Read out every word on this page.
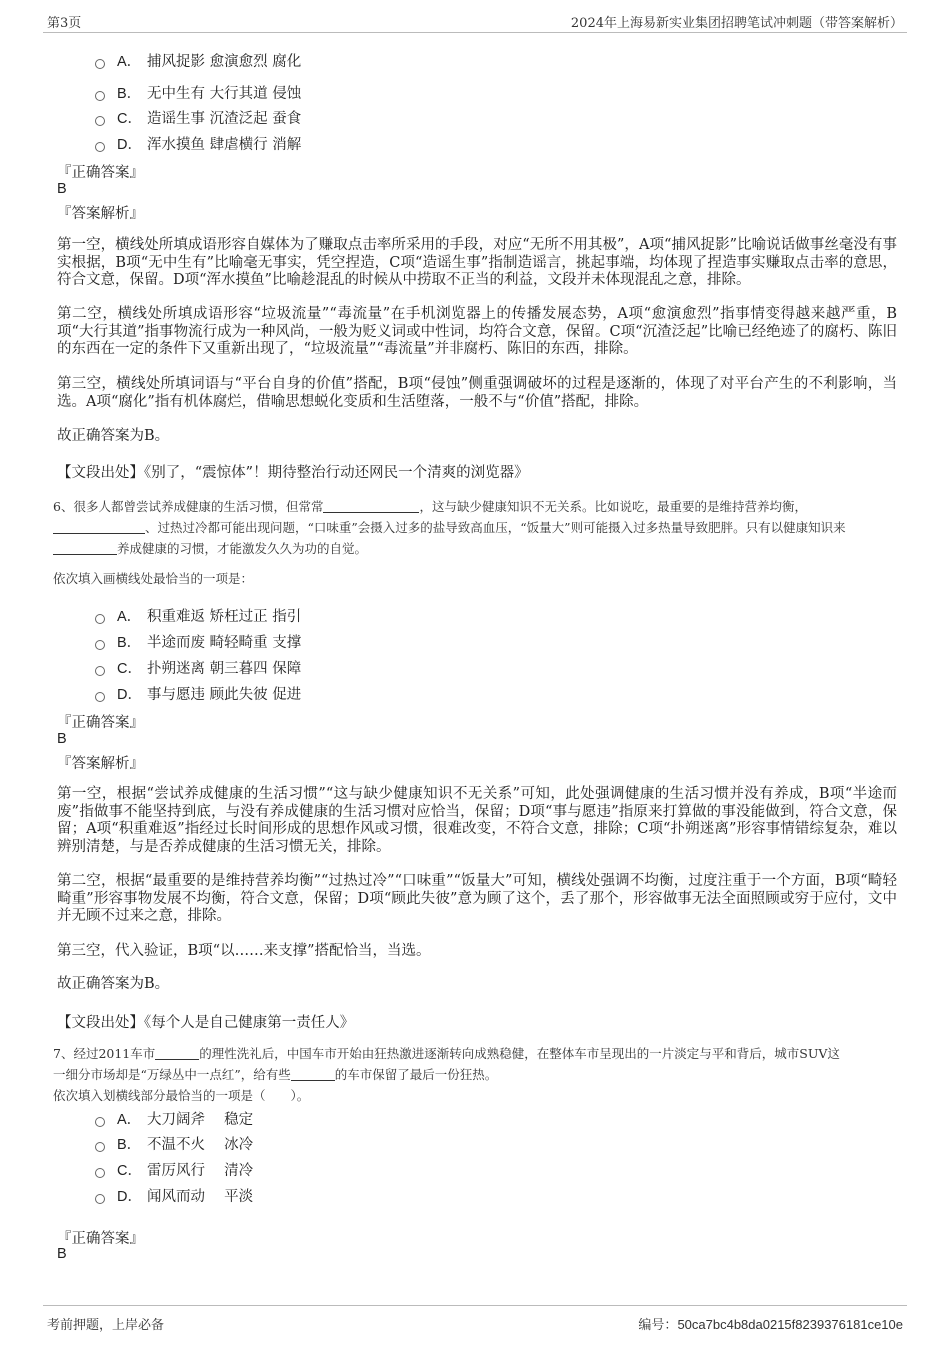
第3页	2024年上海易新实业集团招聘笔试冲刺题（带答案解析）
A． 捕风捉影 愈演愈烈 腐化
B． 无中生有 大行其道 侵蚀
C． 造谣生事 沉渣泛起 蚕食
D． 浑水摸鱼 肆虐横行 消解
『正确答案』
B
『答案解析』
第一空，横线处所填成语形容自媒体为了赚取点击率所采用的手段，对应“无所不用其极”，A项“捕风捉影”比喻说话做事丝毫没有事实根据，B项“无中生有”比喻毫无事实，凭空捏造，C项“造谣生事”指制造谣言，挑起事端，均体现了捏造事实赚取点击率的意思，符合文意，保留。D项“浑水摸鱼”比喻趁混乱的时候从中捞取不正当的利益，文段并未体现混乱之意，排除。
第二空，横线处所填成语形容“垃圾流量”“毒流量”在手机浏览器上的传播发展态势，A项“愈演愈烈”指事情变得越来越严重，B项“大行其道”指事物流行成为一种风尚，一般为贬义词或中性词，均符合文意，保留。C项“沉渣泛起”比喻已经绝迹了的腐朽、陈旧的东西在一定的条件下又重新出现了，“垃圾流量”“毒流量”并非腐朽、陈旧的东西，排除。
第三空，横线处所填词语与“平台自身的价值”搭配，B项“侵蚀”侧重强调破坏的过程是逐渐的，体现了对平台产生的不利影响，当选。A项“腐化”指有机体腐烂，借喻思想蜕化变质和生活堕落，一般不与“价值”搭配，排除。
故正确答案为B。
【文段出处】《别了，“震惊体”！期待整治行动还网民一个清爽的浏览器》
6、很多人都曾尝试养成健康的生活习惯，但常常	，这与缺少健康知识不无关系。比如说吃，最重要的是维持营养均衡，
、过热过冷都可能出现问题，“口味重”会摄入过多的盐导致高血压，“饭量大”则可能摄入过多热量导致肥胖。只有以健康知识来
养成健康的习惯，才能激发久久为功的自觉。
依次填入画横线处最恰当的一项是：
A． 积重难返 矫枉过正 指引
B． 半途而废 畸轻畸重 支撑
C． 扑朔迷离 朝三暮四 保障
D． 事与愿违 顾此失彼 促进
『正确答案』
B
『答案解析』
第一空，根据“尝试养成健康的生活习惯”“这与缺少健康知识不无关系”可知，此处强调健康的生活习惯并没有养成，B项“半途而废”指做事不能坚持到底，与没有养成健康的生活习惯对应恰当，保留；D项“事与愿违”指原来打算做的事没能做到，符合文意，保留；A项“积重难返”指经过长时间形成的思想作风或习惯，很难改变，不符合文意，排除；C项“扑朔迷离”形容事情错综复杂，难以辨别清楚，与是否养成健康的生活习惯无关，排除。
第二空，根据“最重要的是维持营养均衡”“过热过冷”“口味重”“饭量大”可知，横线处强调不均衡，过度注重于一个方面，B项“畸轻畸重”形容事物发展不均衡，符合文意，保留；D项“顾此失彼”意为顾了这个，丢了那个，形容做事无法全面照顾或穷于应付，文中并无顾不过来之意，排除。
第三空，代入验证，B项“以……来支撑”搭配恰当，当选。
故正确答案为B。
【文段出处】《每个人是自己健康第一责任人》
7、经过2011车市	的理性洗礼后，中国车市开始由狂热激进逐渐转向成熟稳健，在整体车市呈现出的一片淡定与平和背后，城市SUV这
一细分市场却是“万绿丛中一点红”，给有些	的车市保留了最后一份狂热。
依次填入划横线部分最恰当的一项是（　　）。
A． 大刀阔斧　 稳定
B． 不温不火　 冰冷
C． 雷厉风行　 清冷
D． 闻风而动　 平淡
『正确答案』
B
考前押题，上岸必备	编号：50ca7bc4b8da0215f8239376181ce10e
